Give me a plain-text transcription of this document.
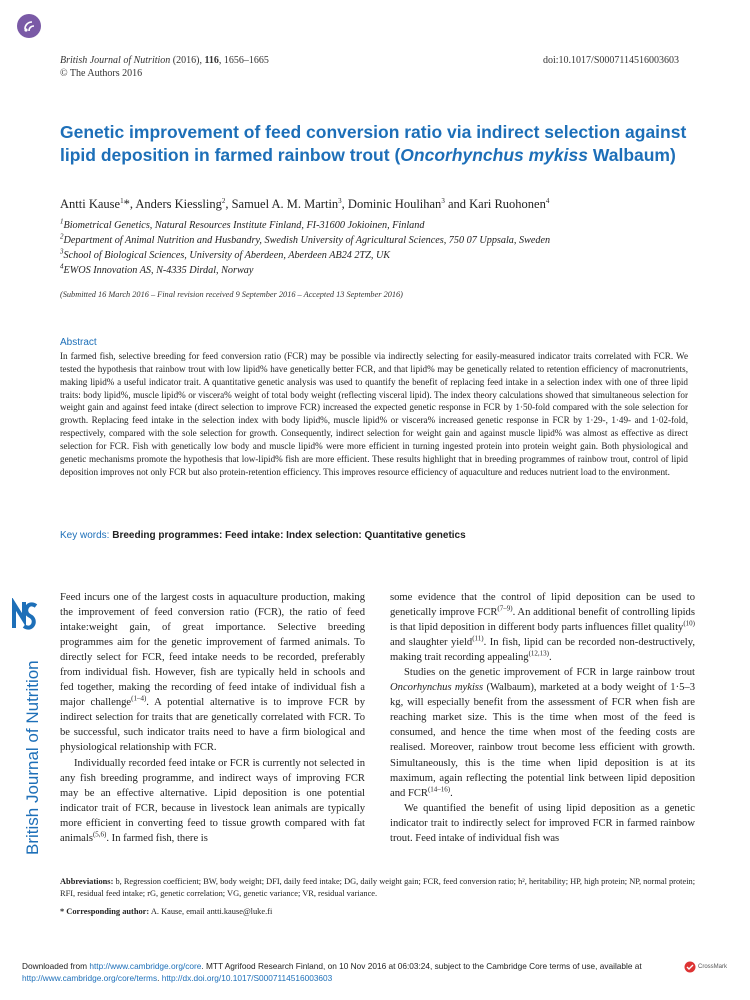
British Journal of Nutrition (2016), 116, 1656–1665
© The Authors 2016
doi:10.1017/S0007114516003603
British Journal of Nutrition
Genetic improvement of feed conversion ratio via indirect selection against lipid deposition in farmed rainbow trout (Oncorhynchus mykiss Walbaum)
Antti Kause$^1$*, Anders Kiessling$^2$, Samuel A. M. Martin$^3$, Dominic Houlihan$^3$ and Kari Ruohonen$^4$
$^1$Biometrical Genetics, Natural Resources Institute Finland, FI-31600 Jokioinen, Finland
$^2$Department of Animal Nutrition and Husbandry, Swedish University of Agricultural Sciences, 750 07 Uppsala, Sweden
$^3$School of Biological Sciences, University of Aberdeen, Aberdeen AB24 2TZ, UK
$^4$EWOS Innovation AS, N-4335 Dirdal, Norway
(Submitted 16 March 2016 – Final revision received 9 September 2016 – Accepted 13 September 2016)
Abstract
In farmed fish, selective breeding for feed conversion ratio (FCR) may be possible via indirectly selecting for easily-measured indicator traits correlated with FCR. We tested the hypothesis that rainbow trout with low lipid% have genetically better FCR, and that lipid% may be genetically related to retention efficiency of macronutrients, making lipid% a useful indicator trait. A quantitative genetic analysis was used to quantify the benefit of replacing feed intake in a selection index with one of three lipid traits: body lipid%, muscle lipid% or viscera% weight of total body weight (reflecting visceral lipid). The index theory calculations showed that simultaneous selection for weight gain and against feed intake (direct selection to improve FCR) increased the expected genetic response in FCR by 1·50-fold compared with the sole selection for growth. Replacing feed intake in the selection index with body lipid%, muscle lipid% or viscera% increased genetic response in FCR by 1·29-, 1·49- and 1·02-fold, respectively, compared with the sole selection for growth. Consequently, indirect selection for weight gain and against muscle lipid% was almost as effective as direct selection for FCR. Fish with genetically low body and muscle lipid% were more efficient in turning ingested protein into protein weight gain. Both physiological and genetic mechanisms promote the hypothesis that low-lipid% fish are more efficient. These results highlight that in breeding programmes of rainbow trout, control of lipid deposition improves not only FCR but also protein-retention efficiency. This improves resource efficiency of aquaculture and reduces nutrient load to the environment.
Key words: Breeding programmes: Feed intake: Index selection: Quantitative genetics

Feed incurs one of the largest costs in aquaculture production, making the improvement of feed conversion ratio (FCR), the ratio of feed intake:weight gain, of great importance. Selective breeding programmes aim for the genetic improvement of farmed animals. To directly select for FCR, feed intake needs to be recorded, preferably from individual fish. However, fish are typically held in schools and fed together, making the recording of feed intake of individual fish a major challenge$^{(1-4)}$. A potential alternative is to improve FCR by indirect selection for traits that are genetically correlated with FCR. To be successful, such indicator traits need to have a firm biological and physiological relationship with FCR.

Individually recorded feed intake or FCR is currently not selected in any fish breeding programme, and indirect ways of improving FCR may be an effective alternative. Lipid deposition is one potential indicator trait of FCR, because in livestock lean animals are typically more efficient in converting feed to tissue growth compared with fat animals$^{(5,6)}$. In farmed fish, there is

some evidence that the control of lipid deposition can be used to genetically improve FCR$^{(7-9)}$. An additional benefit of controlling lipids is that lipid deposition in different body parts influences fillet quality$^{(10)}$ and slaughter yield$^{(11)}$. In fish, lipid can be recorded non-destructively, making trait recording appealing$^{(12,13)}$.

Studies on the genetic improvement of FCR in large rainbow trout Oncorhynchus mykiss (Walbaum), marketed at a body weight of 1·5–3 kg, will especially benefit from the assessment of FCR when fish are reaching market size. This is the time when most of the feed is consumed, and hence the time when most of the feeding costs are realised. Moreover, rainbow trout become less efficient with growth. Simultaneously, this is the time when lipid deposition is at its maximum, again reflecting the potential link between lipid deposition and FCR$^{(14-16)}$.

We quantified the benefit of using lipid deposition as a genetic indicator trait to indirectly select for improved FCR in farmed rainbow trout. Feed intake of individual fish was

Abbreviations: b, Regression coefficient; BW, body weight; DFI, daily feed intake; DG, daily weight gain; FCR, feed conversion ratio; h², heritability; HP, high protein; NP, normal protein; RFI, residual feed intake; rG, genetic correlation; VG, genetic variance; VR, residual variance.
* Corresponding author: A. Kause, email antti.kause@luke.fi
Downloaded from http://www.cambridge.org/core. MTT Agrifood Research Finland, on 10 Nov 2016 at 06:03:24, subject to the Cambridge Core terms of use, available at
http://www.cambridge.org/core/terms. http://dx.doi.org/10.1017/S0007114516003603
CrossMark
